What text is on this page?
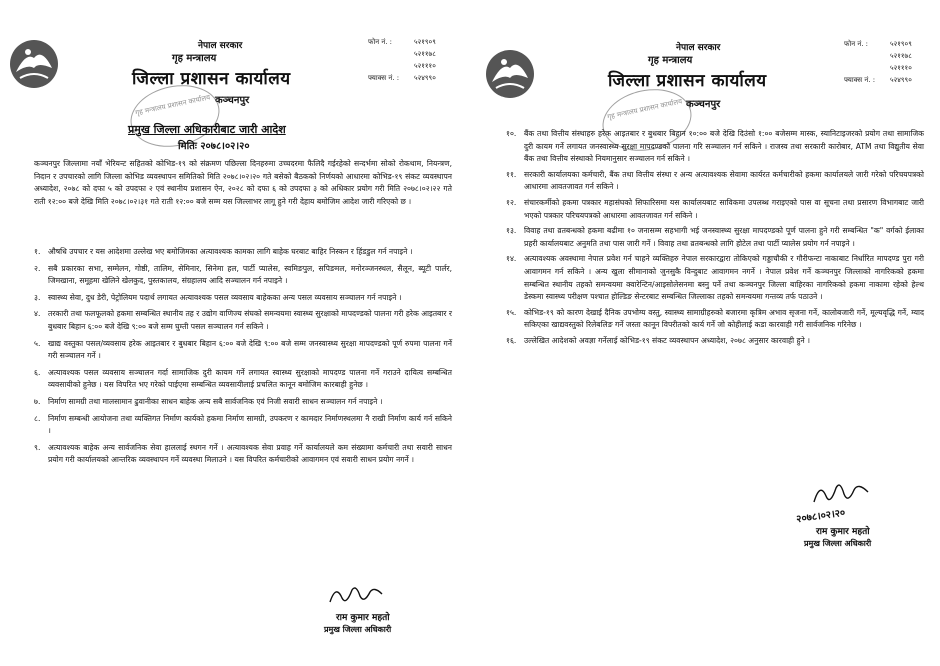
नेपाल सरकार
गृह मन्त्रालय
जिल्ला प्रशासन कार्यालय
कञ्चनपुर
गृह मन्त्रालय प्रशासन कार्यालय
फोन नं. :	५२१९०९
५२११७८
५२१११०
फ्याक्स नं. :	५२४९९०
प्रमुख जिल्ला अधिकारीबाट जारी आदेश
मितिः २०७८।०२।२०
कञ्चनपुर जिल्लामा नयाँ भेरियन्ट सहितको कोभिड-१९ को संक्रमण पछिल्ला दिनहरुमा उच्चदरमा फैलिदै गईरहेको सन्दर्भमा सोको रोकथाम, नियन्त्रण, निदान र उपचारको लागि जिल्ला कोभिड व्यवस्थापन समितिको मिति २०७८।०२।२० गते बसेको बैठकको निर्णयको आधारमा कोभिड-१९ संकट व्यवस्थापन अध्यादेश, २०७८ को दफा ५ को उपदफा २ एवं स्थानीय प्रशासन ऐन, २०२८ को दफा ६ को उपदफा ३ को अधिकार प्रयोग गरी मिति २०७८।०२।२२ गते राती १२:०० बजे देखि मिति २०७८।०२।३१ गते राती १२:०० बजे सम्म यस जिल्लाभर लागू हुने गरी देहाय बमोजिम आदेश जारी गरिएको छ ।
१. औषधि उपचार र यस आदेशमा उल्लेख भए बमोजिमका अत्यावश्यक कामका लागि बाहेक घरबाट बाहिर निस्कन र हिंडडुल गर्न नपाइने ।
२. सबै प्रकारका सभा, सम्मेलन, गोष्ठी, तालिम, सेमिनार, सिनेमा हल, पार्टी प्यालेस, स्वमिङपुल, सपिङमल, मनोरञ्जनस्थल, सैलून, ब्यूटी पार्लर, जिमखाना, समूहमा खेलिने खेलकुद, पुस्तकालय, संग्रहालय आदि सञ्चालन गर्न नपाइने ।
३. स्वास्थ्य सेवा, दुध डेरी, पेट्रोलियम पदार्थ लगायत अत्यावश्यक पसल व्यवसाय बाहेकका अन्य पसल व्यवसाय सञ्चालन गर्न नपाइने ।
४. तरकारी तथा फलफूलको हकमा सम्बन्धित स्थानीय तह र उद्योग वाणिज्य संघको समन्वयमा स्वास्थ्य सुरक्षाको मापदण्डको पालना गरी हरेक आइतबार र बुधबार बिहान ६:०० बजे देखि ९:०० बजे सम्म घुम्ती पसल सञ्चालन गर्न सकिने ।
५. खाद्य वस्तुका पसल/व्यवसाय हरेक आइतबार र बुधबार बिहान ६:०० बजे देखि ९:०० बजे सम्म जनस्वास्थ्य सुरक्षा मापदण्डको पूर्ण रुपमा पालना गर्ने गरी सञ्चालन गर्ने ।
६. अत्यावश्यक पसल व्यवसाय सञ्चालन गर्दा सामाजिक दुरी कायम गर्ने लगायत स्वास्थ्य सुरक्षाको मापदण्ड पालना गर्ने गराउने दायित्व सम्बन्धित व्यवसायीको हुनेछ । यस विपरित भए गरेको पाईएमा सम्बन्धित व्यवसायीलाई प्रचलित कानून बमोजिम कारबाही हुनेछ ।
७. निर्माण सामग्री तथा मालसामान ढुवानीका साधन बाहेक अन्य सबै सार्वजनिक एवं निजी सवारी साधन सञ्चालन गर्न नपाइने ।
८. निर्माण सम्बन्धी आयोजना तथा व्यक्तिगत निर्माण कार्यको हकमा निर्माण सामग्री, उपकरण र कामदार निर्माणस्थलमा नै राखी निर्माण कार्य गर्न सकिने ।
९. अत्यावश्यक बाहेक अन्य सार्वजनिक सेवा हाललाई स्थगन गर्ने । अत्यावश्यक सेवा प्रवाह गर्ने कार्यालयले कम संख्यामा कर्मचारी तथा सवारी साधन प्रयोग गरी कार्यालयको आन्तरिक व्यवस्थापन गर्ने व्यवस्था मिलाउने । यस विपरित कर्मचारीको आवागमन एवं सवारी साधन प्रयोग नगर्ने ।
राम कुमार महतो
प्रमुख जिल्ला अधिकारी
नेपाल सरकार
गृह मन्त्रालय
जिल्ला प्रशासन कार्यालय
कञ्चनपुर
गृह मन्त्रालय प्रशासन कार्यालय
फोन नं. :	५२१९०९
५२११७८
५२१११०
फ्याक्स नं. :	५२४९९०
१०. बैंक तथा वित्तीय संस्थाहरु हरेक आइतबार र बुधबार बिहान १०:०० बजे देखि दिउंसो १:०० बजेसम्म मास्क, स्यानिटाइजरको प्रयोग तथा सामाजिक दुरी कायम गर्ने लगायत जनस्वास्थ्य सुरक्षा मापदण्डको पालना गरि सञ्चालन गर्न सकिने । राजस्व तथा सरकारी कारोबार, ATM तथा विद्युतीय सेवा बैंक तथा वित्तीय संस्थाको नियमानुसार सञ्चालन गर्न सकिने ।
११. सरकारी कार्यालयका कर्मचारी, बैंक तथा वित्तीय संस्था र अन्य अत्यावश्यक सेवामा कार्यरत कर्मचारीको हकमा कार्यालयले जारी गरेको परिचयपत्रको आधारमा आवतजावत गर्न सकिने ।
१२. संचारकर्मीको हकमा पत्रकार महासंघको सिफारिसमा यस कार्यालयबाट साविकमा उपलब्ध गराइएको पास वा सूचना तथा प्रसारण विभागबाट जारी भएको पत्रकार परिचयपत्रको आधारमा आवतजावत गर्न सकिने ।
१३. विवाह तथा व्रतबन्धको हकमा बढीमा १० जनासम्म सहभागी भई जनस्वास्थ्य सुरक्षा मापदण्डको पूर्ण पालना हुने गरी सम्बन्धित "क" वर्गको ईलाका प्रहरी कार्यालयबाट अनुमति तथा पास जारी गर्ने । विवाह तथा व्रतबन्धको लागि होटेल तथा पार्टी प्यालेस प्रयोग गर्न नपाइने ।
१४. अत्यावश्यक अवस्थामा नेपाल प्रवेश गर्न चाहने व्यक्तिहरु नेपाल सरकारद्वारा तोकिएको गड्डाचौकी र गौरीफन्टा नाकाबाट निर्धारित मापदण्ड पुरा गरी आवागमन गर्न सकिने । अन्य खुला सीमानाको जुनसुकै विन्दुबाट आवागमन नगर्ने । नेपाल प्रवेश गर्ने कञ्चनपुर जिल्लाको नागरिकको हकमा सम्बन्धित स्थानीय तहको समन्वयमा क्वारेन्टिन/आइसोलेसनमा बस्नु पर्ने तथा कञ्चनपुर जिल्ला बाहिरका नागरिकको हकमा नाकामा रहेको हेल्थ डेस्कमा स्वास्थ्य परीक्षण पश्चात होल्डिङ सेन्टरबाट सम्बन्धित जिल्लाका तहको समन्वयमा गन्तव्य तर्फ पठाउने ।
१५. कोभिड-१९ को कारण देखाई दैनिक उपभोग्य वस्तु, स्वास्थ्य सामाग्रीहरुको बजारमा कृत्रिम अभाव सृजना गर्ने, कालोबजारी गर्ने, मूल्यवृद्धि गर्ने, म्याद सकिएका खाद्यवस्तुको रिलेबलिङ गर्ने जस्ता कानून विपरीतको कार्य गर्ने जो कोहीलाई कडा कारवाही गरी सार्वजनिक गरिनेछ ।
१६. उल्लेखित आदेशको अवज्ञा गर्नेलाई कोभिड-१९ संकट व्यवस्थापन अध्यादेश, २०७८ अनुसार कारवाही हुने ।
२०७८।०२।२०
राम कुमार महतो
प्रमुख जिल्ला अधिकारी
